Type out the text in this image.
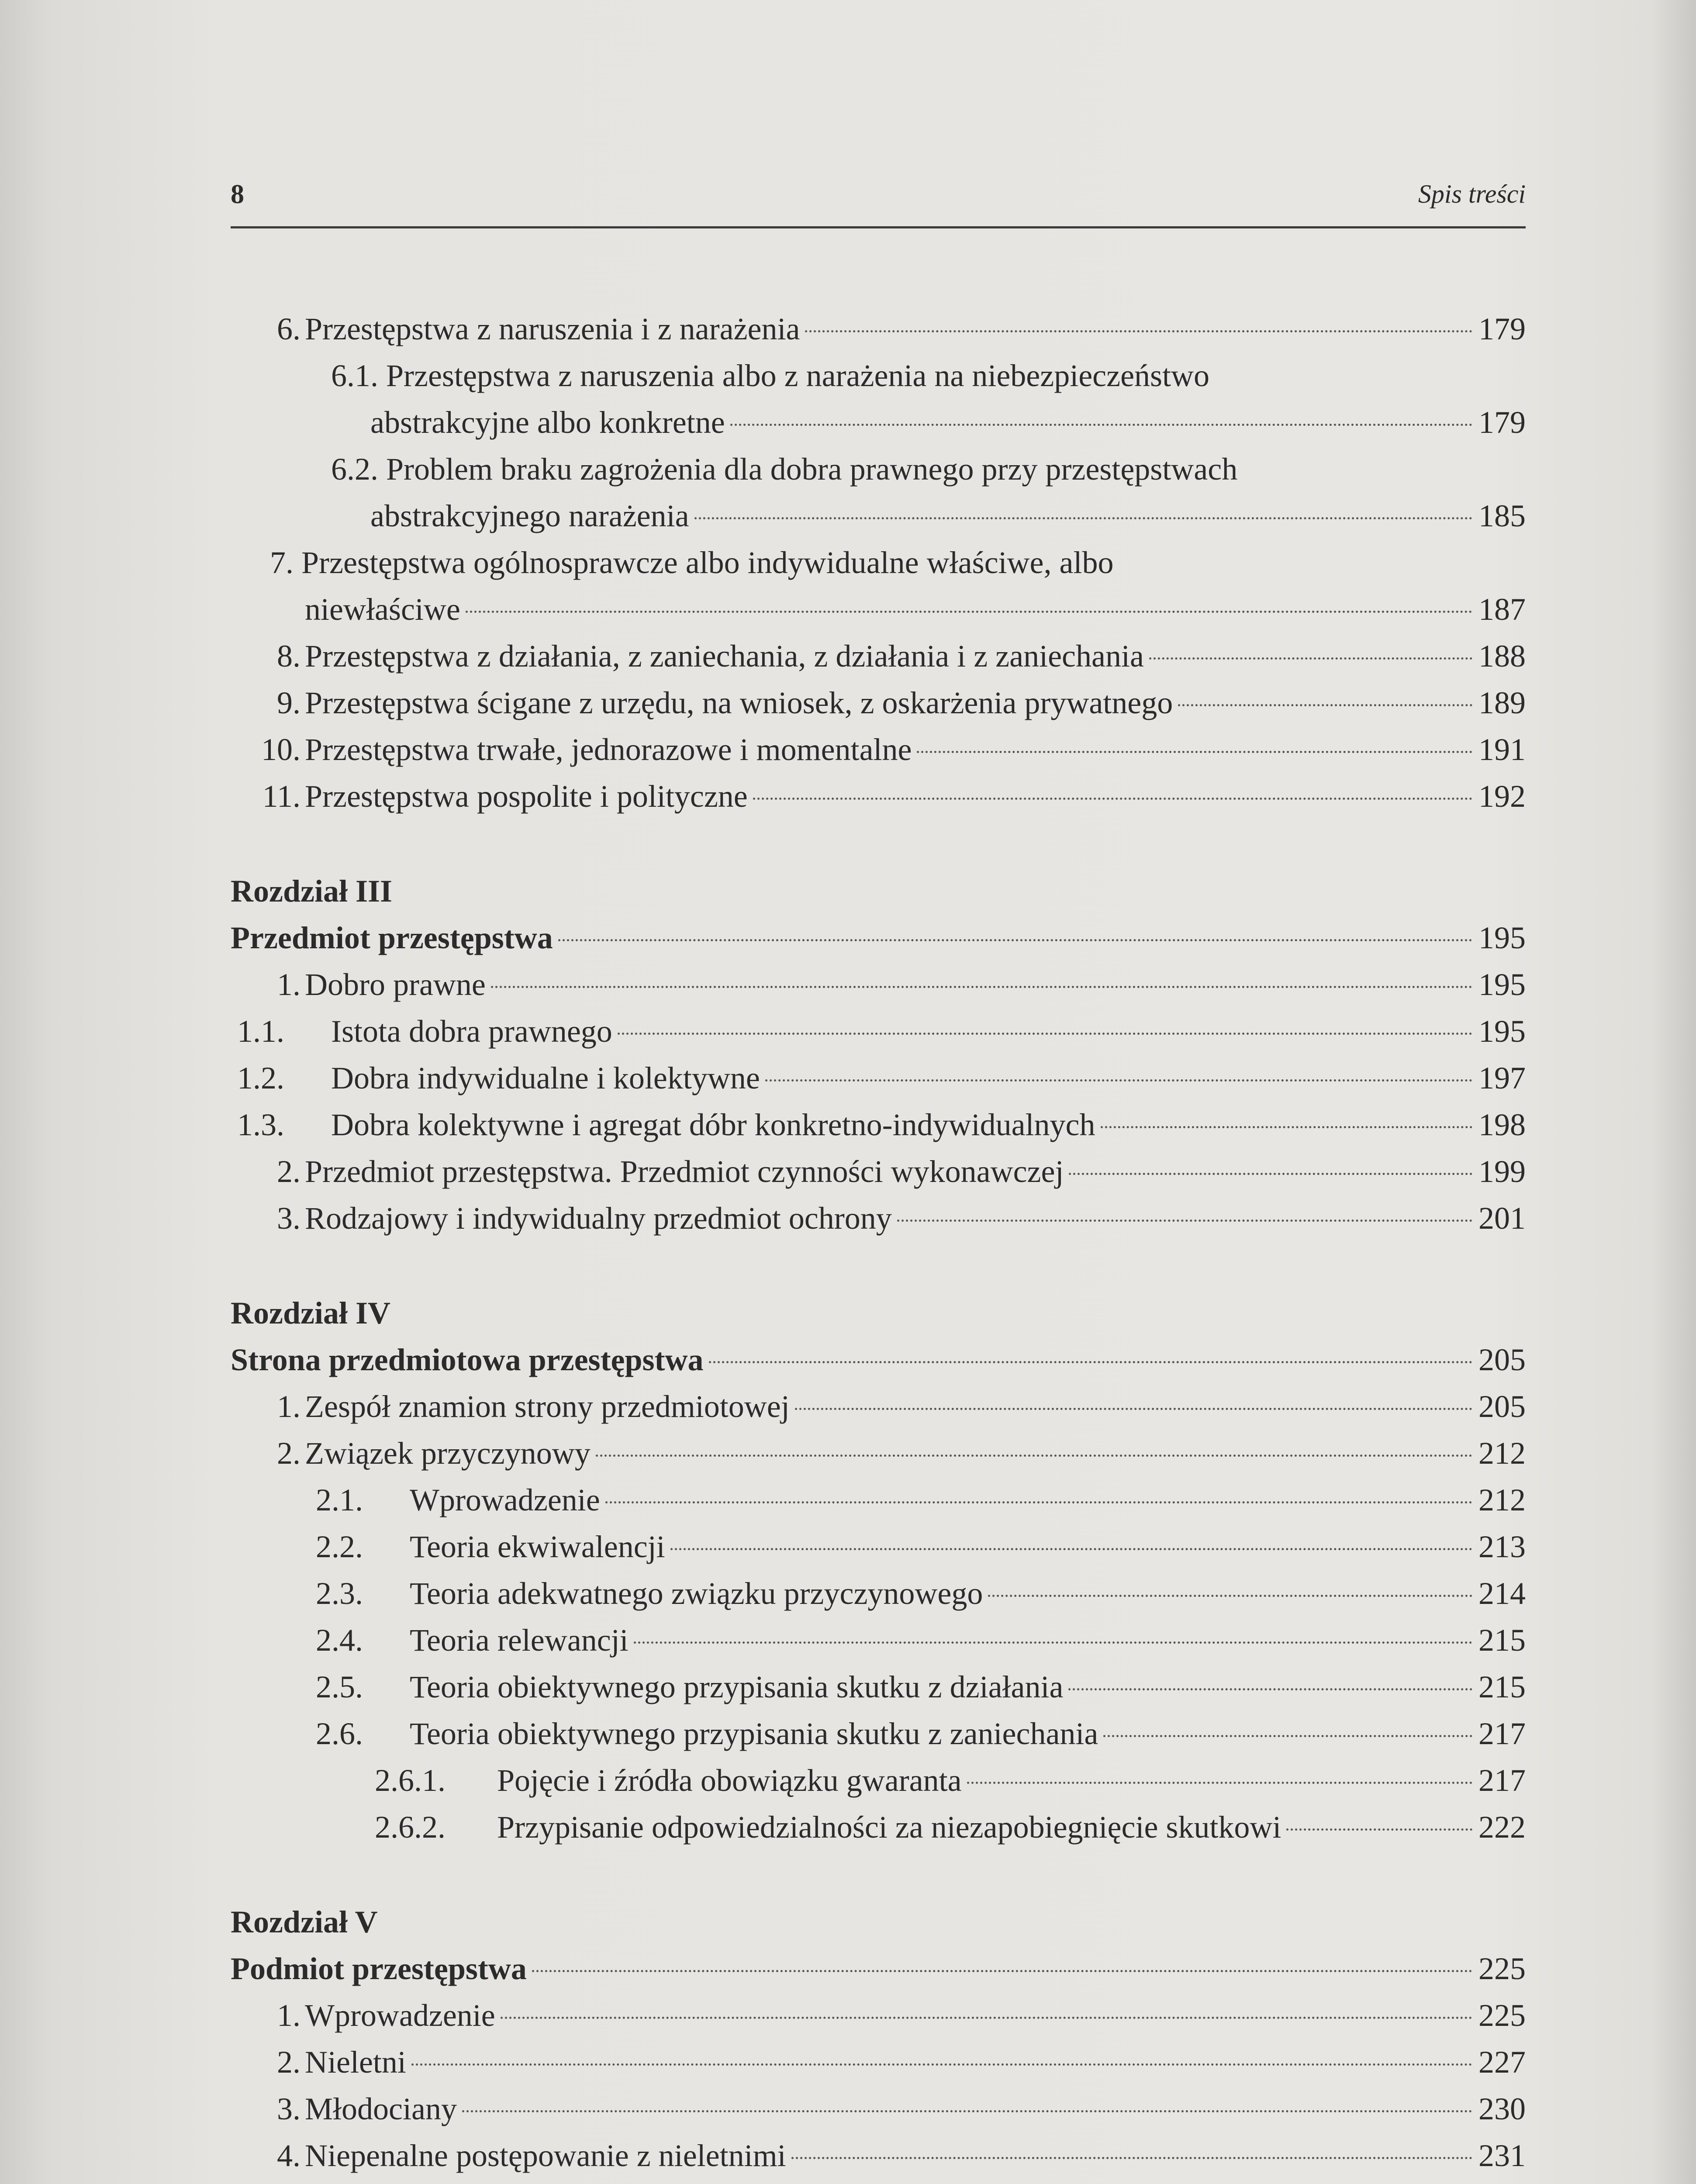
8	Spis treści
6. Przestępstwa z naruszenia i z narażenia	179
6.1. Przestępstwa z naruszenia albo z narażenia na niebezpieczeństwo
abstrakcyjne albo konkretne	179
6.2. Problem braku zagrożenia dla dobra prawnego przy przestępstwach
abstrakcyjnego narażenia	185
7. Przestępstwa ogólnosprawcze albo indywidualne właściwe, albo
niewłaściwe	187
8. Przestępstwa z działania, z zaniechania, z działania i z zaniechania	188
9. Przestępstwa ścigane z urzędu, na wniosek, z oskarżenia prywatnego	189
10. Przestępstwa trwałe, jednorazowe i momentalne	191
11. Przestępstwa pospolite i polityczne	192
Rozdział III
Przedmiot przestępstwa	195
1. Dobro prawne	195
1.1.	Istota dobra prawnego	195
1.2.	Dobra indywidualne i kolektywne	197
1.3.	Dobra kolektywne i agregat dóbr konkretno-indywidualnych	198
2. Przedmiot przestępstwa. Przedmiot czynności wykonawczej	199
3. Rodzajowy i indywidualny przedmiot ochrony	201
Rozdział IV
Strona przedmiotowa przestępstwa	205
1. Zespół znamion strony przedmiotowej	205
2. Związek przyczynowy	212
2.1.	Wprowadzenie	212
2.2.	Teoria ekwiwalencji	213
2.3.	Teoria adekwatnego związku przyczynowego	214
2.4.	Teoria relewancji	215
2.5.	Teoria obiektywnego przypisania skutku z działania	215
2.6.	Teoria obiektywnego przypisania skutku z zaniechania	217
2.6.1.	Pojęcie i źródła obowiązku gwaranta	217
2.6.2.	Przypisanie odpowiedzialności za niezapobiegnięcie skutkowi	222
Rozdział V
Podmiot przestępstwa	225
1. Wprowadzenie	225
2. Nieletni	227
3. Młodociany	230
4. Niepenalne postępowanie z nieletnimi	231
